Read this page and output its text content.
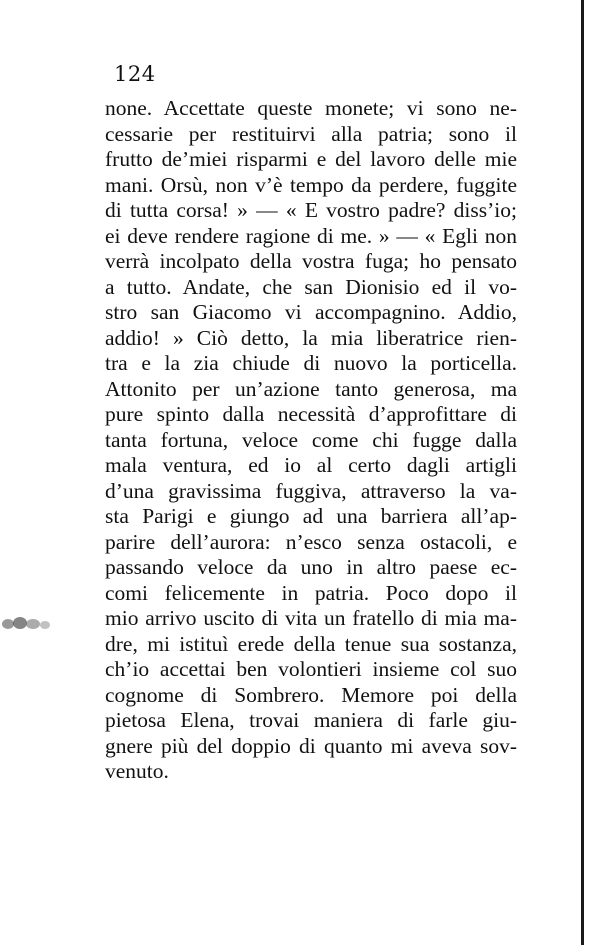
124
none. Accettate queste monete; vi sono ne-
cessarie per restituirvi alla patria; sono il
frutto de’miei risparmi e del lavoro delle mie
mani. Orsù, non v’è tempo da perdere, fuggite
di tutta corsa! » — « E vostro padre? diss’io;
ei deve rendere ragione di me. » — « Egli non
verrà incolpato della vostra fuga; ho pensato
a tutto. Andate, che san Dionisio ed il vo-
stro san Giacomo vi accompagnino. Addio,
addio! » Ciò detto, la mia liberatrice rien-
tra e la zia chiude di nuovo la porticella.
Attonito per un’azione tanto generosa, ma
pure spinto dalla necessità d’approfittare di
tanta fortuna, veloce come chi fugge dalla
mala ventura, ed io al certo dagli artigli
d’una gravissima fuggiva, attraverso la va-
sta Parigi e giungo ad una barriera all’ap-
parire dell’aurora: n’esco senza ostacoli, e
passando veloce da uno in altro paese ec-
comi felicemente in patria. Poco dopo il
mio arrivo uscito di vita un fratello di mia ma-
dre, mi istituì erede della tenue sua sostanza,
ch’io accettai ben volontieri insieme col suo
cognome di Sombrero. Memore poi della
pietosa Elena, trovai maniera di farle giu-
gnere più del doppio di quanto mi aveva sov-
venuto.
